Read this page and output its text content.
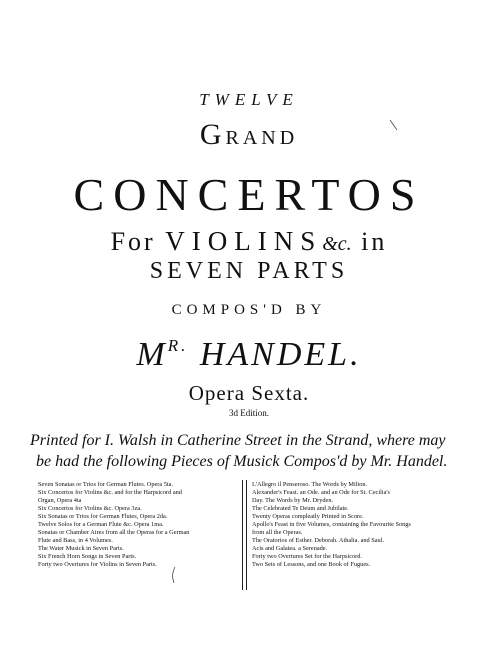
TWELVE
GRAND
CONCERTOS
For VIOLINS&c. in
SEVEN PARTS
COMPOS'D BY
$M^{R.}$ HANDEL.
Opera Sexta.
3d Edition.
Printed for I. Walsh in Catherine Street in the Strand, where may
be had the following Pieces of Musick Compos'd by Mr. Handel.
Seven Sonatas or Trios for German Flutes. Opera 5ta.
Six Concertos for Violins &c. and for the Harpsicord and
Organ, Opera 4ta
Six Concertos for Violins &c. Opera 3za.
Six Sonatas or Trios for German Flutes, Opera 2da.
Twelve Solos for a German Flute &c. Opera 1ma.
Sonatas or Chamber Aires from all the Operas for a German
Flute and Bass, in 4 Volumes.
The Water Musick in Seven Parts.
Six French Horn Songs in Seven Parts.
Forty two Overtures for Violins in Seven Parts.
L'Allegro il Penseroso. The Words by Milton.
Alexander's Feast. an Ode. and an Ode for St. Cecilia's
Day. The Words by Mr. Dryden.
The Celebrated Te Deum and Jubilate.
Twenty Operas compleatly Printed in Score.
Apollo's Feast in five Volumes, containing the Favourite Songs
from all the Operas.
The Oratorios of Esther. Deborah. Athalia. and Saul.
Acis and Galatea. a Serenade.
Forty two Overtures Set for the Harpsicord.
Two Sets of Lessons, and one Book of Fugues.
